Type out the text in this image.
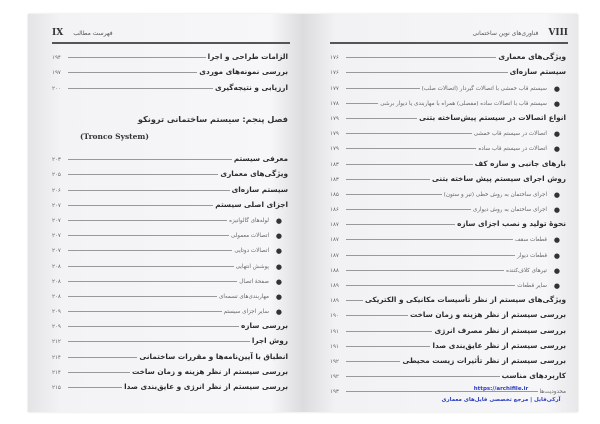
IX فهرست مطالب
الزامات طراحی و اجرا
۱۹۴
بررسی نمونه‌های موردی
۱۹۷
ارزیابی و نتیجه‌گیری
۲۰۰
فصل پنجم: سیستم ساختمانی ترونکو
(Tronco System)
معرفی سیستم
۲۰۳
ویژگی‌های معماری
۲۰۵
سیستم سازه‌ای
۲۰۶
اجزای اصلی سیستم
۲۰۷
●
لوله‌های گالوانیزه
۲۰۷
●
اتصالات معمولی
۲۰۷
●
اتصالات دوتایی
۲۰۷
●
پوشش انتهایی
۲۰۸
●
صفحهٔ اتصال
۲۰۸
●
مهاربندی‌های تسمه‌ای
۲۰۸
●
سایر اجزای سیستم
۲۰۹
بررسی سازه
۲۰۹
روش اجرا
۲۱۲
انطباق با آیین‌نامه‌ها و مقررات ساختمانی
۲۱۴
بررسی سیستم از نظر هزینه و زمان ساخت
۲۱۴
بررسی سیستم از نظر انرژی و عایق‌بندی صدا
۲۱۵
VIII
فناوری‌های نوین ساختمانی
ویژگی‌های معماری
۱۷۶
سیستم سازه‌ای
۱۷۶
●
سیستم قاب خمشی با اتصالات گیردار (اتصالات صلب)
۱۷۷
●
سیستم قاب با اتصالات ساده (مفصلی) همراه با مهاربندی یا دیوار برشی
۱۷۸
انواع اتصالات در سیستم پیش‌ساخته بتنی
۱۷۹
●
اتصالات در سیستم قاب خمشی
۱۷۹
●
اتصالات در سیستم قاب ساده
۱۷۹
بارهای جانبی و سازه کف
۱۸۳
روش اجرای سیستم پیش ساخته بتنی
۱۸۳
●
اجرای ساختمان به روش خطی (تیر و ستون)
۱۸۵
●
اجرای ساختمان به روش دیواری
۱۸۶
نحوهٔ تولید و نصب اجزای سازه
۱۸۷
●
قطعات سقف
۱۸۷
●
قطعات دیوار
۱۸۷
●
تیرهای کلاف‌کننده
۱۸۸
●
سایر قطعات
۱۸۹
ویژگی‌های سیستم از نظر تأسیسات مکانیکی و الکتریکی
۱۸۹
بررسی سیستم از نظر هزینه و زمان ساخت
۱۹۰
بررسی سیستم از نظر مصرف انرژی
۱۹۱
بررسی سیستم از نظر عایق‌بندی صدا
۱۹۱
بررسی سیستم از نظر تأثیرات زیست محیطی
۱۹۲
کاربردهای مناسب
۱۹۲
محدودیت‌ها
۱۹۳
https://archifile.ir
آرکی‌فایل | مرجع تخصصی فایل‌های معماری
